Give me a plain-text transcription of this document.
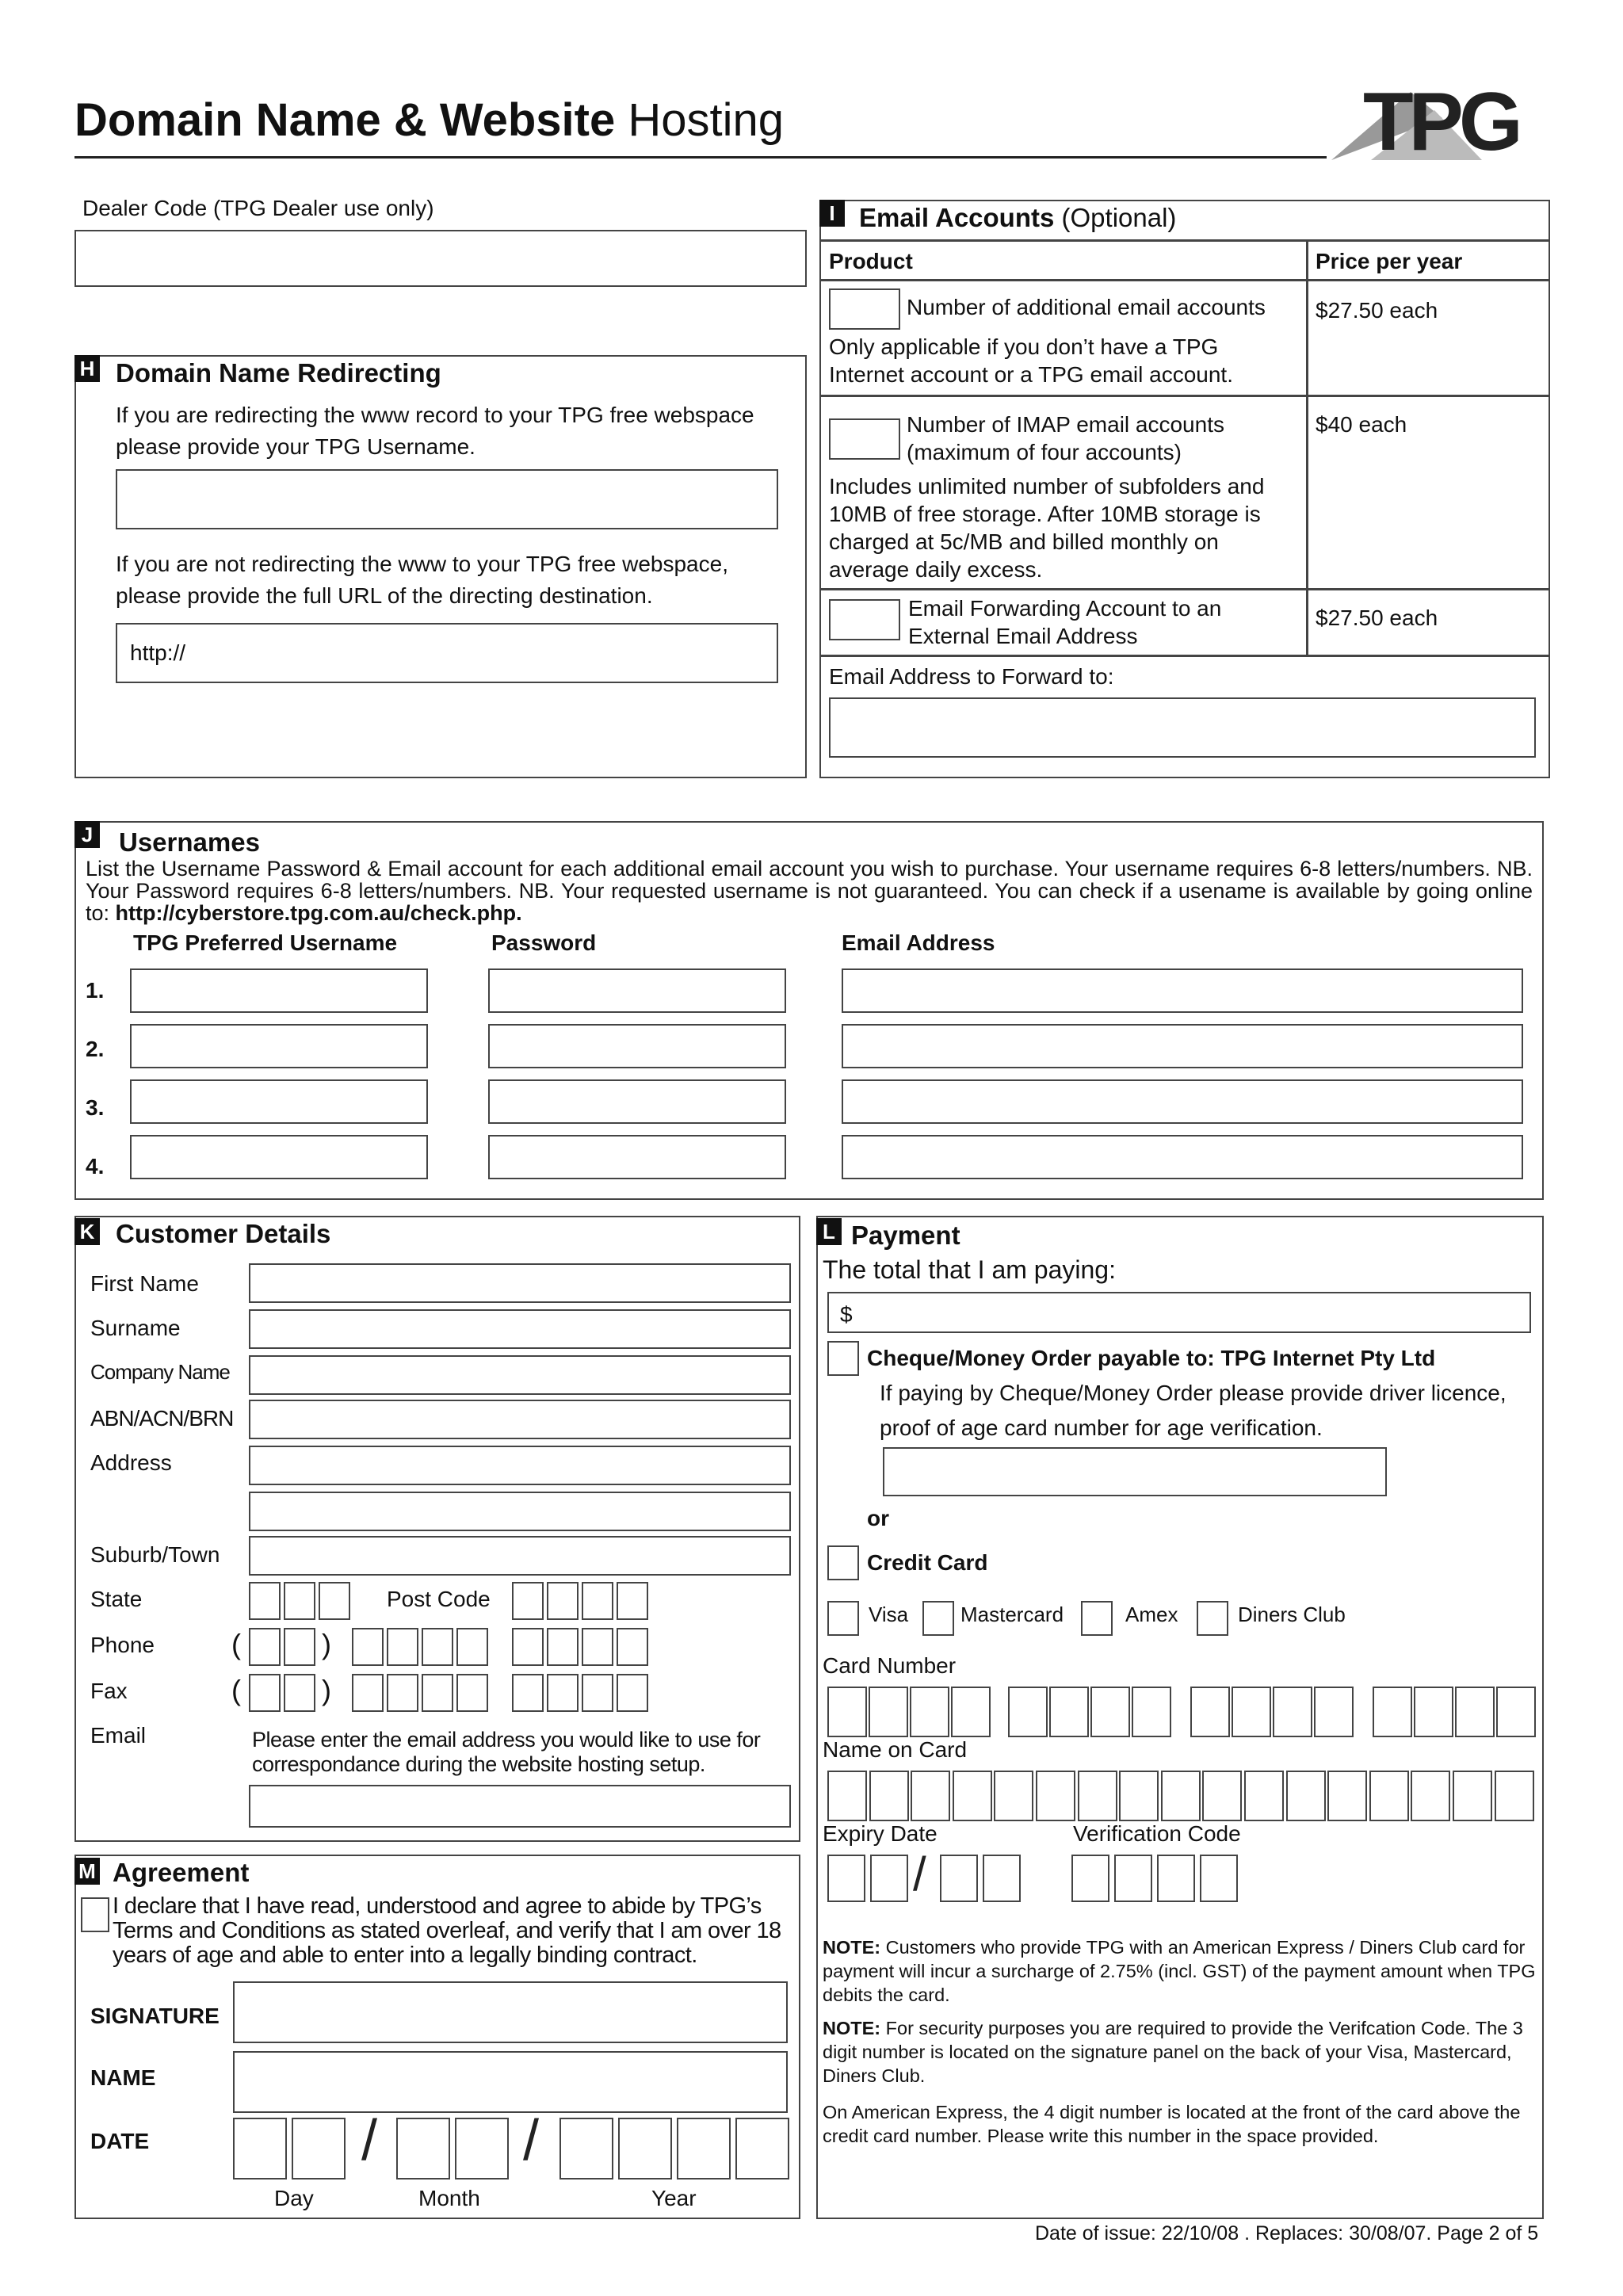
Domain Name & Website Hosting	TPG
Dealer Code (TPG Dealer use only)
H Domain Name Redirecting
If you are redirecting the www record to your TPG free webspace please provide your TPG Username.
If you are not redirecting the www to your TPG free webspace, please provide the full URL of the directing destination.
http://
I Email Accounts (Optional)
Product	Price per year
Number of additional email accounts
Only applicable if you don’t have a TPG Internet account or a TPG email account.
$27.50 each
Number of IMAP email accounts (maximum of four accounts)
Includes unlimited number of subfolders and 10MB of free storage. After 10MB storage is charged at 5c/MB and billed monthly on average daily excess.
$40 each
Email Forwarding Account to an External Email Address
$27.50 each
Email Address to Forward to:
J Usernames
List the Username Password & Email account for each additional email account you wish to purchase. Your username requires 6-8 letters/numbers. NB. Your Password requires 6-8 letters/numbers. NB. Your requested username is not guaranteed. You can check if a usename is available by going online to: http://cyberstore.tpg.com.au/check.php.
TPG Preferred Username	Password	Email Address
1.
2.
3.
4.
K Customer Details
First Name
Surname
Company Name
ABN/ACN/BRN
Address
Suburb/Town
State	Post Code
Phone	(	)
Fax	(	)
Email	Please enter the email address you would like to use for correspondance during the website hosting setup.
L Payment
The total that I am paying:
$
Cheque/Money Order payable to: TPG Internet Pty Ltd
If paying by Cheque/Money Order please provide driver licence, proof of age card number for age verification.
or
Credit Card
Visa	Mastercard	Amex	Diners Club
Card Number
Name on Card
Expiry Date	Verification Code
/
NOTE: Customers who provide TPG with an American Express / Diners Club card for payment will incur a surcharge of 2.75% (incl. GST) of the payment amount when TPG debits the card.
NOTE: For security purposes you are required to provide the Verifcation Code. The 3 digit number is located on the signature panel on the back of your Visa, Mastercard, Diners Club.
On American Express, the 4 digit number is located at the front of the card above the credit card number. Please write this number in the space provided.
M Agreement
I declare that I have read, understood and agree to abide by TPG’s Terms and Conditions as stated overleaf, and verify that I am over 18 years of age and able to enter into a legally binding contract.
SIGNATURE
NAME
DATE	/	/
Day	Month	Year
Date of issue: 22/10/08 . Replaces: 30/08/07. Page 2 of 5
